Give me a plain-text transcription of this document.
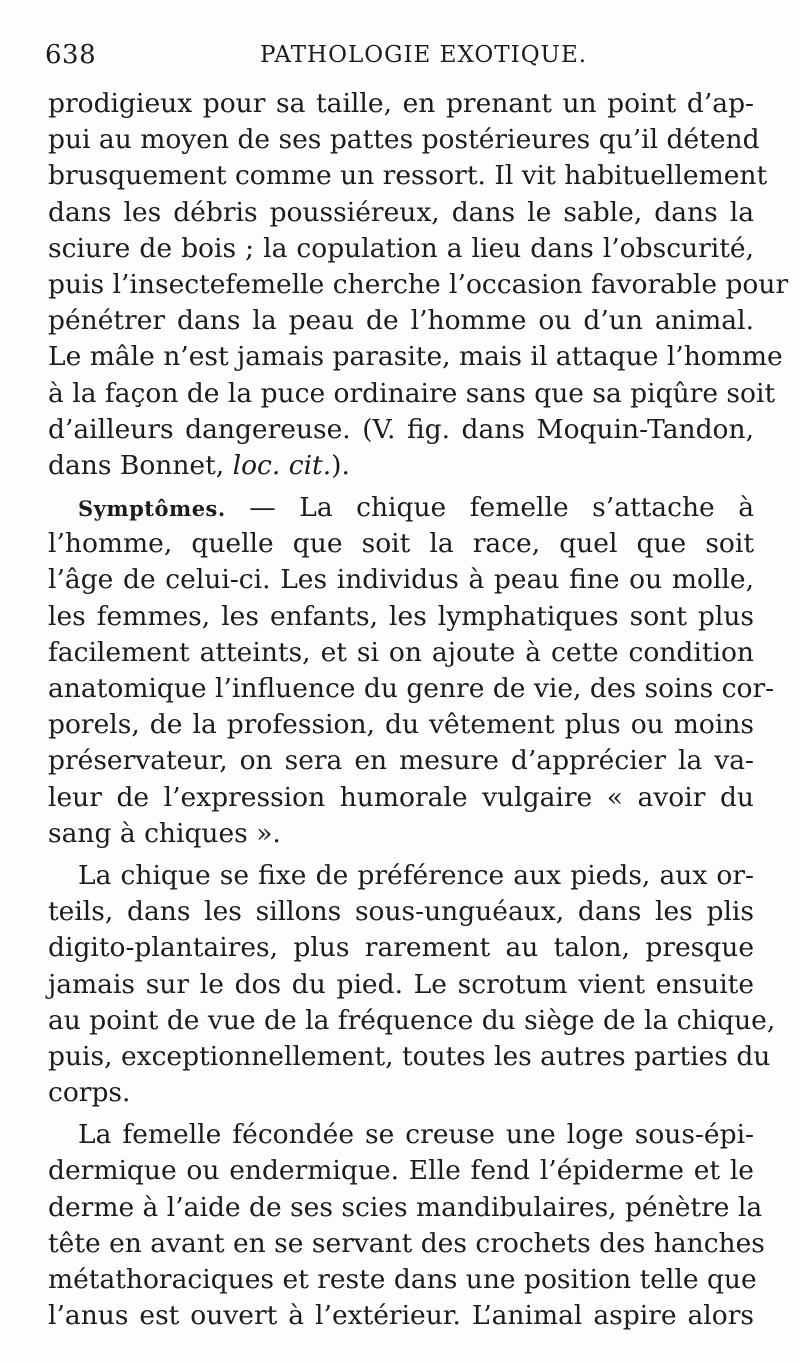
638	PATHOLOGIE EXOTIQUE.
prodigieux pour sa taille, en prenant un point d’ap-
pui au moyen de ses pattes postérieures qu’il détend
brusquement comme un ressort. Il vit habituellement
dans les débris poussiéreux, dans le sable, dans la
sciure de bois ; la copulation a lieu dans l’obscurité,
puis l’insectefemelle cherche l’occasion favorable pour
pénétrer dans la peau de l’homme ou d’un animal.
Le mâle n’est jamais parasite, mais il attaque l’homme
à la façon de la puce ordinaire sans que sa piqûre soit
d’ailleurs dangereuse. (V. fig. dans Moquin-Tandon,
dans Bonnet, loc. cit.).
Symptômes. — La chique femelle s’attache à
l’homme, quelle que soit la race, quel que soit
l’âge de celui-ci. Les individus à peau fine ou molle,
les femmes, les enfants, les lymphatiques sont plus
facilement atteints, et si on ajoute à cette condition
anatomique l’influence du genre de vie, des soins cor-
porels, de la profession, du vêtement plus ou moins
préservateur, on sera en mesure d’apprécier la va-
leur de l’expression humorale vulgaire « avoir du
sang à chiques ».
La chique se fixe de préférence aux pieds, aux or-
teils, dans les sillons sous-unguéaux, dans les plis
digito-plantaires, plus rarement au talon, presque
jamais sur le dos du pied. Le scrotum vient ensuite
au point de vue de la fréquence du siège de la chique,
puis, exceptionnellement, toutes les autres parties du
corps.
La femelle fécondée se creuse une loge sous-épi-
dermique ou endermique. Elle fend l’épiderme et le
derme à l’aide de ses scies mandibulaires, pénètre la
tête en avant en se servant des crochets des hanches
métathoraciques et reste dans une position telle que
l’anus est ouvert à l’extérieur. L’animal aspire alors
